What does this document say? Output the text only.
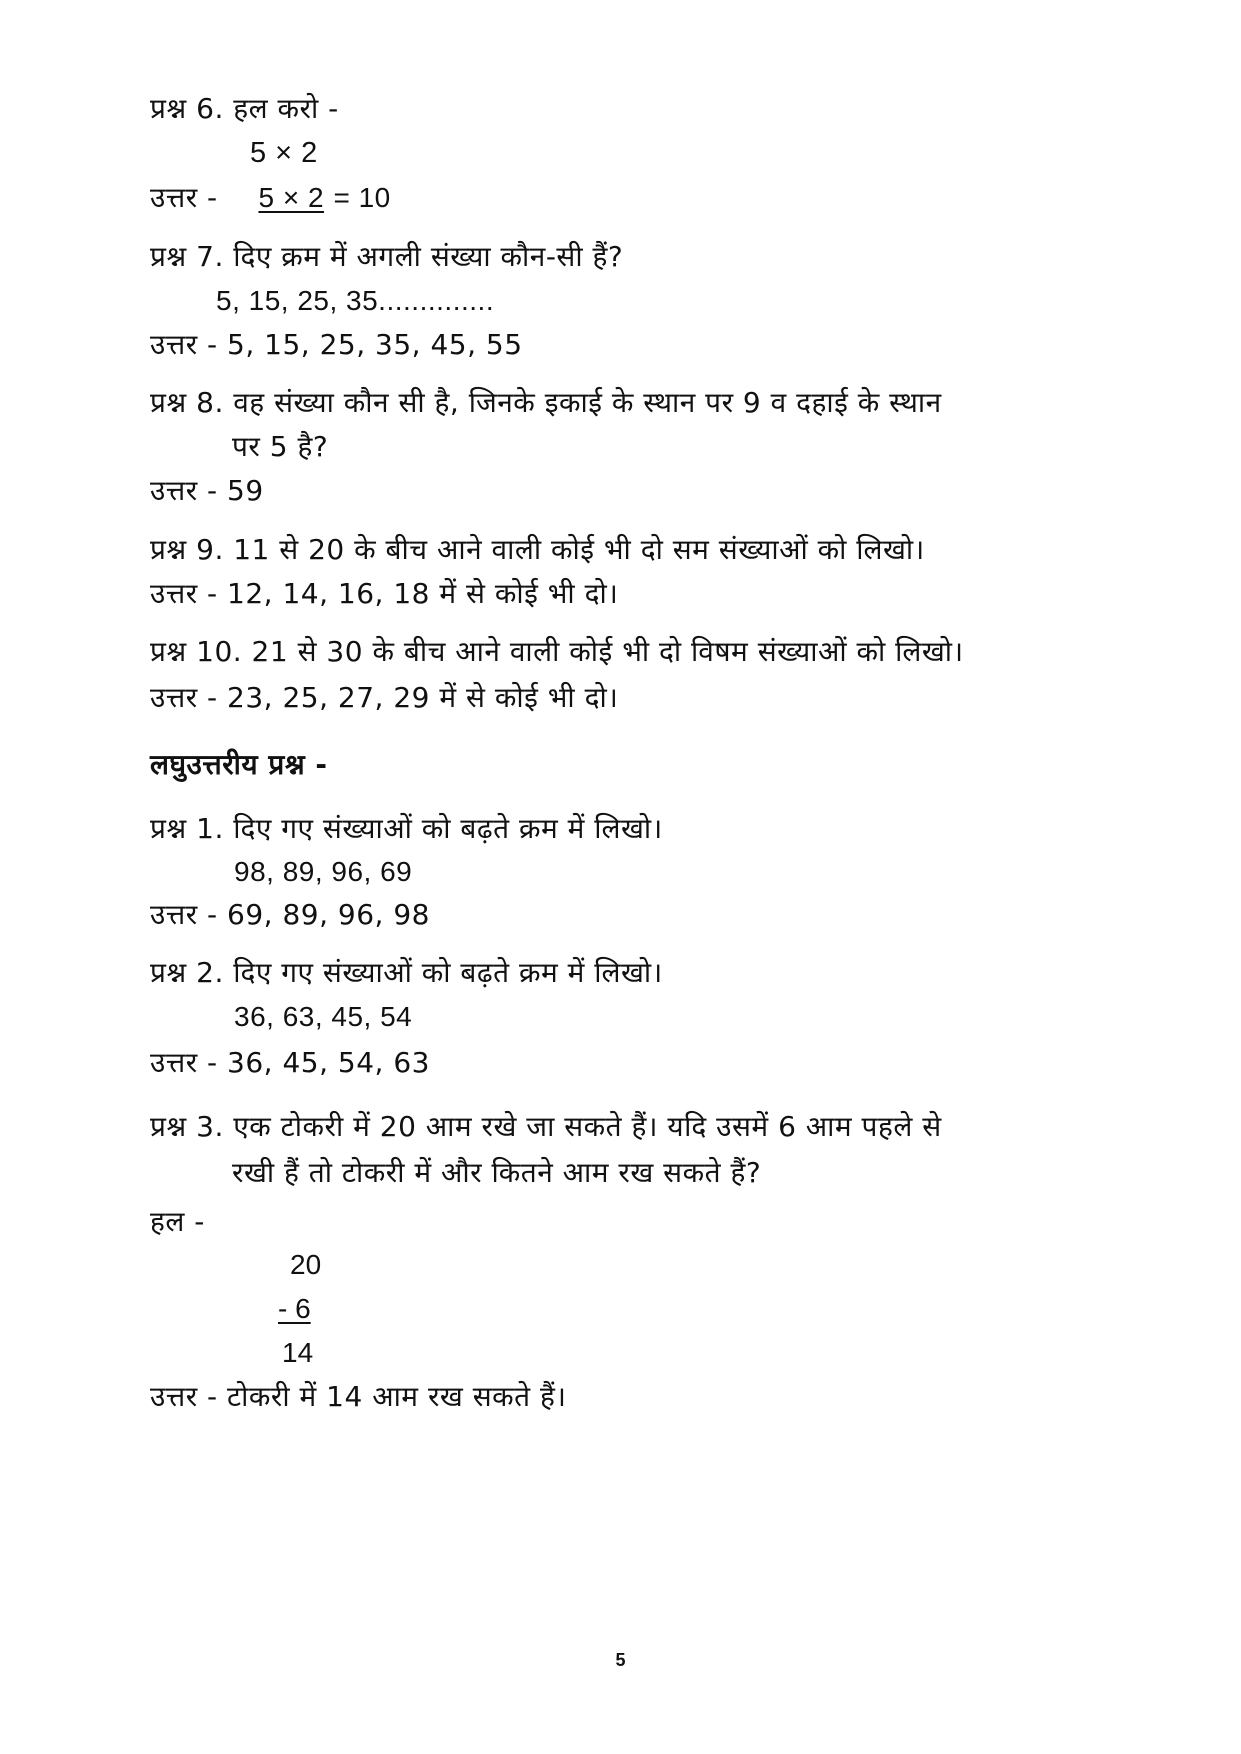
प्रश्न 6. हल करो -
5 × 2
उत्तर - 5 × 2 = 10
प्रश्न 7. दिए क्रम में अगली संख्या कौन-सी हैं?
5, 15, 25, 35..............
उत्तर - 5, 15, 25, 35, 45, 55
प्रश्न 8. वह संख्या कौन सी है, जिनके इकाई के स्थान पर 9 व दहाई के स्थान
पर 5 है?
उत्तर - 59
प्रश्न 9. 11 से 20 के बीच आने वाली कोई भी दो सम संख्याओं को लिखो।
उत्तर - 12, 14, 16, 18 में से कोई भी दो।
प्रश्न 10. 21 से 30 के बीच आने वाली कोई भी दो विषम संख्याओं को लिखो।
उत्तर - 23, 25, 27, 29 में से कोई भी दो।
लघुउत्तरीय प्रश्न -
प्रश्न 1. दिए गए संख्याओं को बढ़ते क्रम में लिखो।
98, 89, 96, 69
उत्तर - 69, 89, 96, 98
प्रश्न 2. दिए गए संख्याओं को बढ़ते क्रम में लिखो।
36, 63, 45, 54
उत्तर - 36, 45, 54, 63
प्रश्न 3. एक टोकरी में 20 आम रखे जा सकते हैं। यदि उसमें 6 आम पहले से
रखी हैं तो टोकरी में और कितने आम रख सकते हैं?
हल -
20
- 6
14
उत्तर - टोकरी में 14 आम रख सकते हैं।
5
